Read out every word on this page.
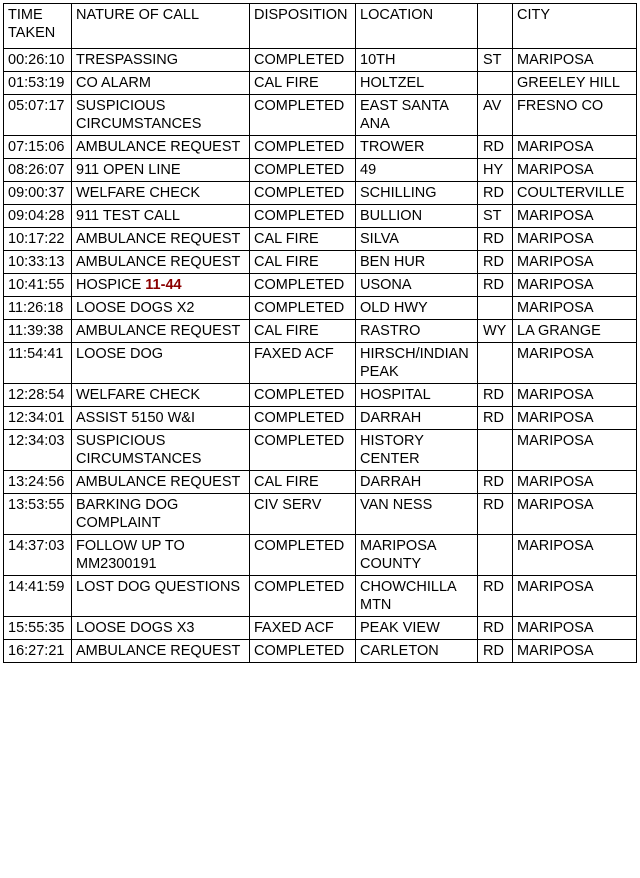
TIME
TAKEN	NATURE OF CALL	DISPOSITION	LOCATION		CITY
00:26:10	TRESPASSING	COMPLETED	10TH	ST	MARIPOSA
01:53:19	CO ALARM	CAL FIRE	HOLTZEL		GREELEY HILL
05:07:17	SUSPICIOUS CIRCUMSTANCES	COMPLETED	EAST SANTA ANA	AV	FRESNO CO
07:15:06	AMBULANCE REQUEST	COMPLETED	TROWER	RD	MARIPOSA
08:26:07	911 OPEN LINE	COMPLETED	49	HY	MARIPOSA
09:00:37	WELFARE CHECK	COMPLETED	SCHILLING	RD	COULTERVILLE
09:04:28	911 TEST CALL	COMPLETED	BULLION	ST	MARIPOSA
10:17:22	AMBULANCE REQUEST	CAL FIRE	SILVA	RD	MARIPOSA
10:33:13	AMBULANCE REQUEST	CAL FIRE	BEN HUR	RD	MARIPOSA
10:41:55	HOSPICE 11-44	COMPLETED	USONA	RD	MARIPOSA
11:26:18	LOOSE DOGS X2	COMPLETED	OLD HWY		MARIPOSA
11:39:38	AMBULANCE REQUEST	CAL FIRE	RASTRO	WY	LA GRANGE
11:54:41	LOOSE DOG	FAXED ACF	HIRSCH/INDIAN PEAK		MARIPOSA
12:28:54	WELFARE CHECK	COMPLETED	HOSPITAL	RD	MARIPOSA
12:34:01	ASSIST 5150 W&I	COMPLETED	DARRAH	RD	MARIPOSA
12:34:03	SUSPICIOUS CIRCUMSTANCES	COMPLETED	HISTORY CENTER		MARIPOSA
13:24:56	AMBULANCE REQUEST	CAL FIRE	DARRAH	RD	MARIPOSA
13:53:55	BARKING DOG COMPLAINT	CIV SERV	VAN NESS	RD	MARIPOSA
14:37:03	FOLLOW UP TO MM2300191	COMPLETED	MARIPOSA COUNTY		MARIPOSA
14:41:59	LOST DOG QUESTIONS	COMPLETED	CHOWCHILLA MTN	RD	MARIPOSA
15:55:35	LOOSE DOGS X3	FAXED ACF	PEAK VIEW	RD	MARIPOSA
16:27:21	AMBULANCE REQUEST	COMPLETED	CARLETON	RD	MARIPOSA
